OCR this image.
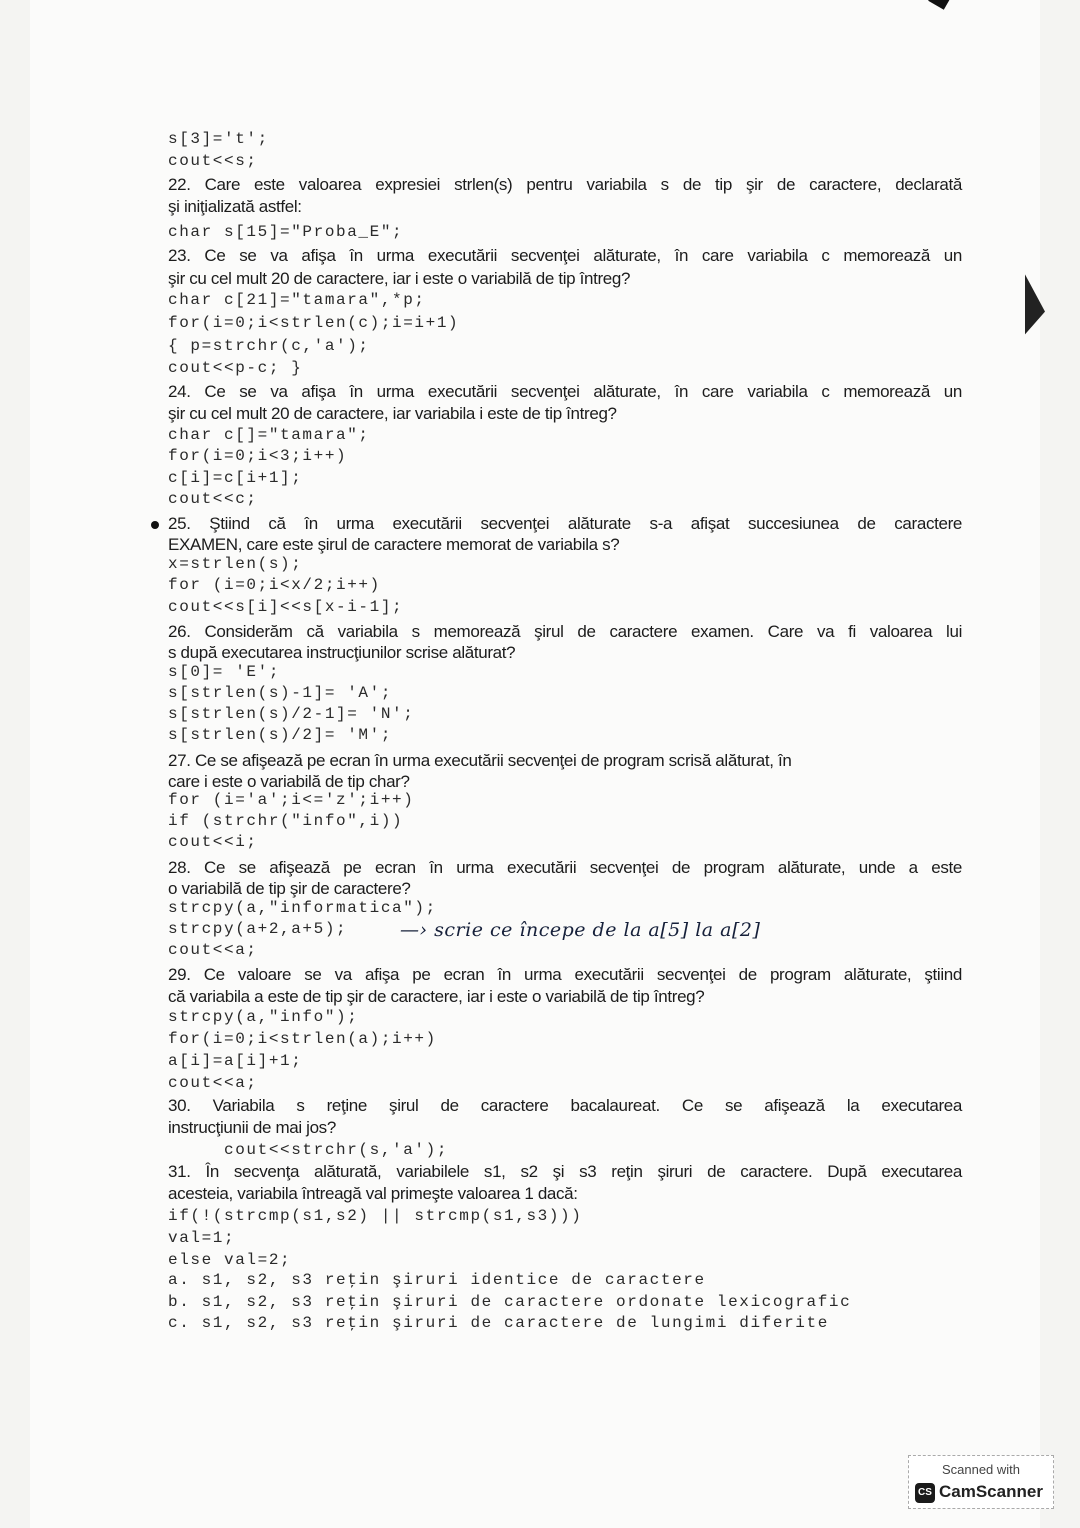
s[3]='t';
cout<<s;
22. Care este valoarea expresiei strlen(s) pentru variabila s de tip şir de caractere, declarată
şi iniţializată astfel:
char s[15]="Proba_E";
23. Ce se va afişa în urma executării secvenţei alăturate, în care variabila c memorează un
şir cu cel mult 20 de caractere, iar i este o variabilă de tip întreg?
char c[21]="tamara",*p;
for(i=0;i<strlen(c);i=i+1)
{ p=strchr(c,'a');
cout<<p-c; }
24. Ce se va afişa în urma executării secvenţei alăturate, în care variabila c memorează un
şir cu cel mult 20 de caractere, iar variabila i este de tip întreg?
char c[]="tamara";
for(i=0;i<3;i++)
c[i]=c[i+1];
cout<<c;
25. Ştiind că în urma executării secvenţei alăturate s-a afişat succesiunea de caractere
EXAMEN, care este şirul de caractere memorat de variabila s?
x=strlen(s);
for (i=0;i<x/2;i++)
cout<<s[i]<<s[x-i-1];
26. Considerăm că variabila s memorează şirul de caractere examen. Care va fi valoarea lui
s după executarea instrucţiunilor scrise alăturat?
s[0]= 'E';
s[strlen(s)-1]= 'A';
s[strlen(s)/2-1]= 'N';
s[strlen(s)/2]= 'M';
27. Ce se afişează pe ecran în urma executării secvenţei de program scrisă alăturat, în
care i este o variabilă de tip char?
for (i='a';i<='z';i++)
if (strchr("info",i))
cout<<i;
28. Ce se afişează pe ecran în urma executării secvenţei de program alăturate, unde a este
o variabilă de tip şir de caractere?
strcpy(a,"informatica");
strcpy(a+2,a+5);
cout<<a;
29. Ce valoare se va afişa pe ecran în urma executării secvenţei de program alăturate, ştiind
că variabila a este de tip şir de caractere, iar i este o variabilă de tip întreg?
strcpy(a,"info");
for(i=0;i<strlen(a);i++)
a[i]=a[i]+1;
cout<<a;
30. Variabila s reţine şirul de caractere bacalaureat. Ce se afişează la executarea
instrucţiunii de mai jos?
cout<<strchr(s,'a');
31. În secvenţa alăturată, variabilele s1, s2 şi s3 reţin şiruri de caractere. După executarea
acesteia, variabila întreagă val primeşte valoarea 1 dacă:
if(!(strcmp(s1,s2) || strcmp(s1,s3)))
val=1;
else val=2;
a. s1, s2, s3 reţin şiruri identice de caractere
b. s1, s2, s3 reţin şiruri de caractere ordonate lexicografic
c. s1, s2, s3 reţin şiruri de caractere de lungimi diferite
—› scrie ce începe de la a[5] la a[2]
Scanned with
CS CamScanner
